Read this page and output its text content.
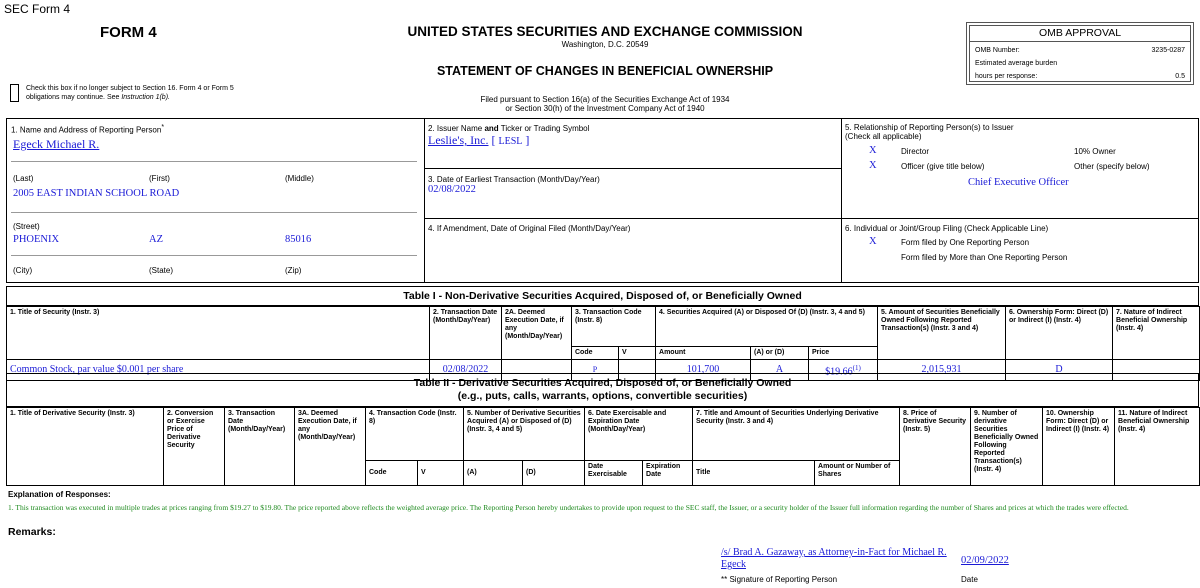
SEC Form 4
FORM 4	UNITED STATES SECURITIES AND EXCHANGE COMMISSION
Washington, D.C. 20549
STATEMENT OF CHANGES IN BENEFICIAL OWNERSHIP
Filed pursuant to Section 16(a) of the Securities Exchange Act of 1934
or Section 30(h) of the Investment Company Act of 1940
Check this box if no longer subject to Section 16. Form 4 or Form 5 obligations may continue. See Instruction 1(b).
OMB APPROVAL
OMB Number:	3235-0287
Estimated average burden
hours per response:	0.5
1. Name and Address of Reporting Person*
Egeck Michael R.
(Last)	(First)	(Middle)
2005 EAST INDIAN SCHOOL ROAD
(Street)
PHOENIX	AZ	85016
(City)	(State)	(Zip)
2. Issuer Name and Ticker or Trading Symbol
Leslie's, Inc. [ LESL ]
3. Date of Earliest Transaction (Month/Day/Year)
02/08/2022
4. If Amendment, Date of Original Filed (Month/Day/Year)
5. Relationship of Reporting Person(s) to Issuer
(Check all applicable)
X	Director	10% Owner
X	Officer (give title below)	Other (specify below)
Chief Executive Officer
6. Individual or Joint/Group Filing (Check Applicable Line)
X	Form filed by One Reporting Person
Form filed by More than One Reporting Person
Table I - Non-Derivative Securities Acquired, Disposed of, or Beneficially Owned
1. Title of Security (Instr. 3)	2. Transaction Date (Month/Day/Year)	2A. Deemed Execution Date, if any (Month/Day/Year)	3. Transaction Code (Instr. 8)		4. Securities Acquired (A) or Disposed Of (D) (Instr. 3, 4 and 5)			5. Amount of Securities Beneficially Owned Following Reported Transaction(s) (Instr. 3 and 4)	6. Ownership Form: Direct (D) or Indirect (I) (Instr. 4)	7. Nature of Indirect Beneficial Ownership (Instr. 4)
			Code	V	Amount	(A) or (D)	Price			
Common Stock, par value $0.001 per share	02/08/2022		P		101,700	A	$19.66$^{(1)}$	2,015,931	D	
Table II - Derivative Securities Acquired, Disposed of, or Beneficially Owned
(e.g., puts, calls, warrants, options, convertible securities)
1. Title of Derivative Security (Instr. 3)	2. Conversion or Exercise Price of Derivative Security	3. Transaction Date (Month/Day/Year)	3A. Deemed Execution Date, if any (Month/Day/Year)	4. Transaction Code (Instr. 8)		5. Number of Derivative Securities Acquired (A) or Disposed of (D) (Instr. 3, 4 and 5)		6. Date Exercisable and Expiration Date (Month/Day/Year)		7. Title and Amount of Securities Underlying Derivative Security (Instr. 3 and 4)		8. Price of Derivative Security (Instr. 5)	9. Number of derivative Securities Beneficially Owned Following Reported Transaction(s) (Instr. 4)	10. Ownership Form: Direct (D) or Indirect (I) (Instr. 4)	11. Nature of Indirect Beneficial Ownership (Instr. 4)
				Code	V	(A)	(D)	Date Exercisable	Expiration Date	Title	Amount or Number of Shares				
Explanation of Responses:
1. This transaction was executed in multiple trades at prices ranging from $19.27 to $19.80. The price reported above reflects the weighted average price. The Reporting Person hereby undertakes to provide upon request to the SEC staff, the Issuer, or a security holder of the Issuer full information regarding the number of Shares and prices at which the trades were effected.
Remarks:
/s/ Brad A. Gazaway, as Attorney-in-Fact for Michael R. Egeck	02/09/2022
** Signature of Reporting Person	Date
